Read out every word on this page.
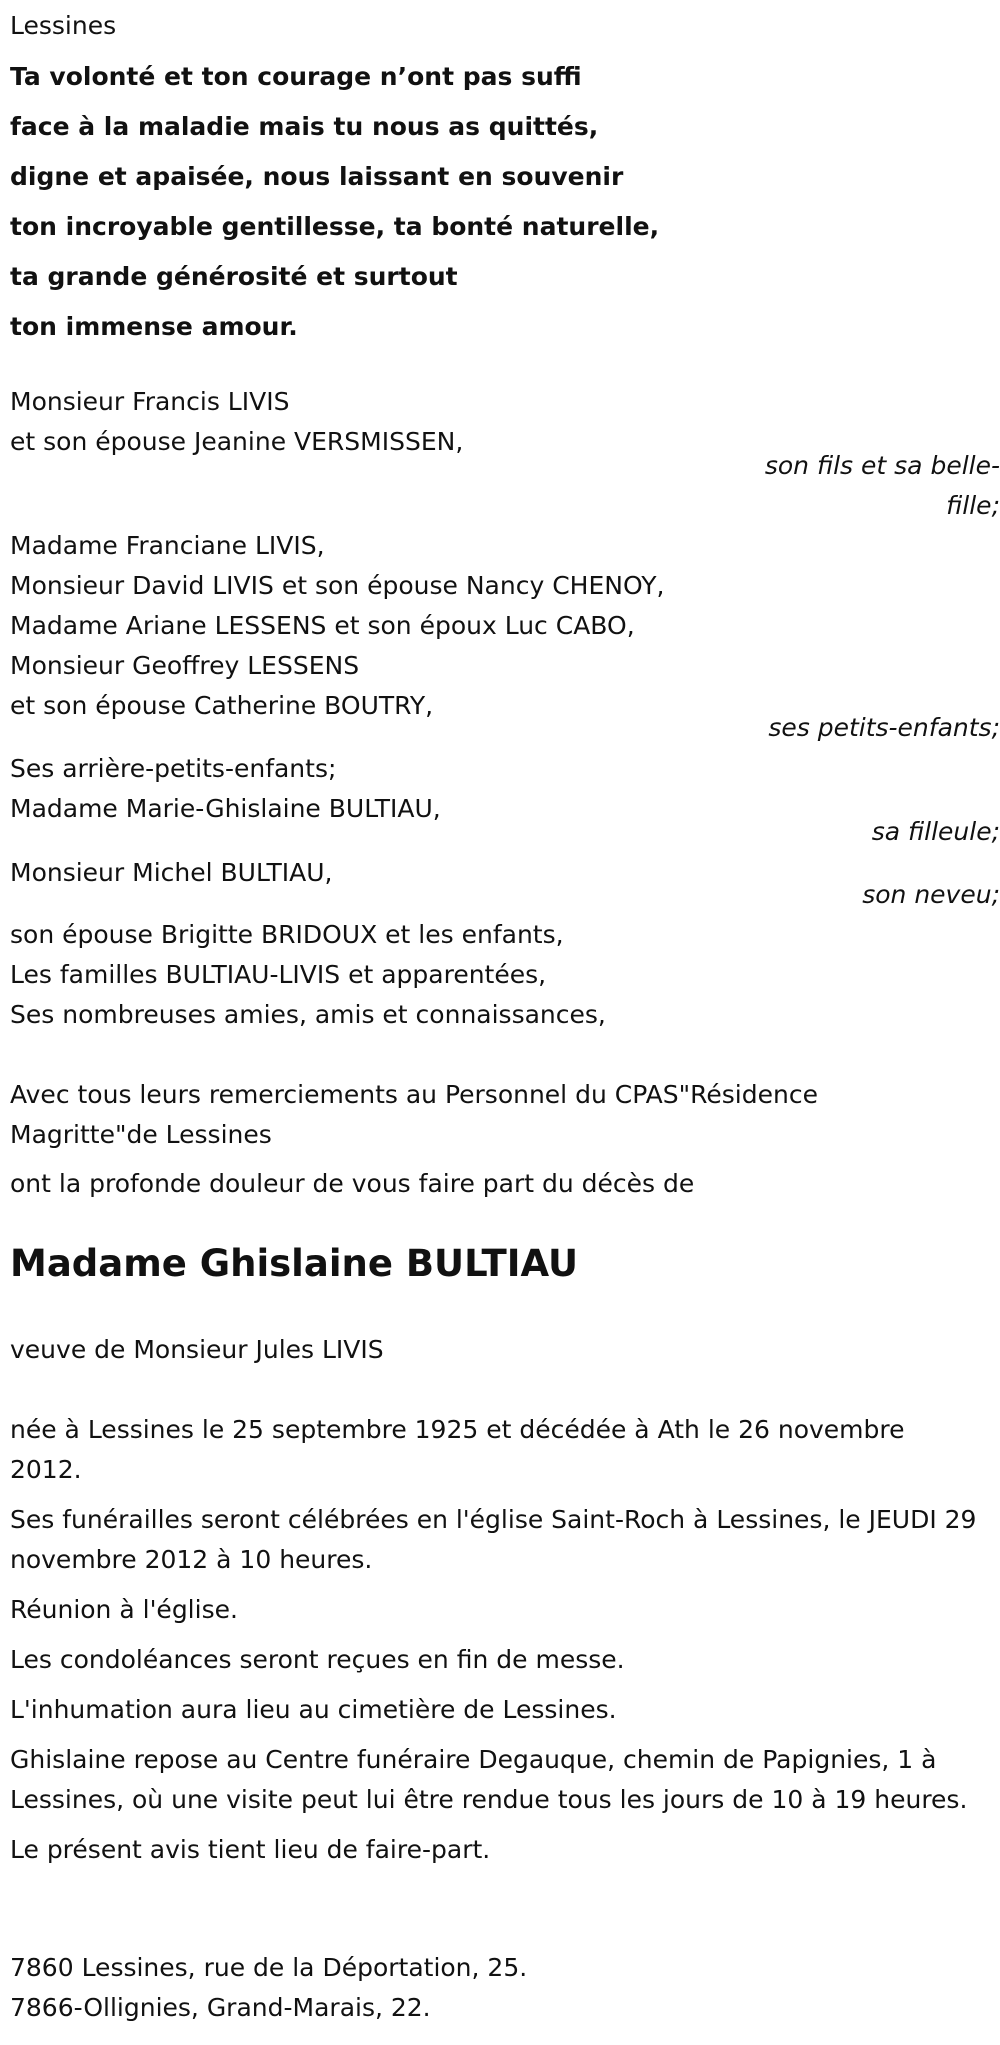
Lessines
Ta volonté et ton courage n’ont pas suffi
face à la maladie mais tu nous as quittés,
digne et apaisée, nous laissant en souvenir
ton incroyable gentillesse, ta bonté naturelle,
ta grande générosité et surtout
ton immense amour.
Monsieur Francis LIVIS
et son épouse Jeanine VERSMISSEN,
son fils et sa belle-
fille;
Madame Franciane LIVIS,
Monsieur David LIVIS et son épouse Nancy CHENOY,
Madame Ariane LESSENS et son époux Luc CABO,
Monsieur Geoffrey LESSENS
et son épouse Catherine BOUTRY,
ses petits-enfants;
Ses arrière-petits-enfants;
Madame Marie-Ghislaine BULTIAU,
sa filleule;
Monsieur Michel BULTIAU,
son neveu;
son épouse Brigitte BRIDOUX et les enfants,
Les familles BULTIAU-LIVIS et apparentées,
Ses nombreuses amies, amis et connaissances,
Avec tous leurs remerciements au Personnel du CPAS"Résidence Magritte"de Lessines
ont la profonde douleur de vous faire part du décès de
Madame Ghislaine BULTIAU
veuve de Monsieur Jules LIVIS
née à Lessines le 25 septembre 1925 et décédée à Ath le 26 novembre 2012.
Ses funérailles seront célébrées en l'église Saint-Roch à Lessines, le JEUDI 29 novembre 2012 à 10 heures.
Réunion à l'église.
Les condoléances seront reçues en fin de messe.
L'inhumation aura lieu au cimetière de Lessines.
Ghislaine repose au Centre funéraire Degauque, chemin de Papignies, 1 à Lessines, où une visite peut lui être rendue tous les jours de 10 à 19 heures.
Le présent avis tient lieu de faire-part.
7860 Lessines, rue de la Déportation, 25.
7866-Ollignies, Grand-Marais, 22.
